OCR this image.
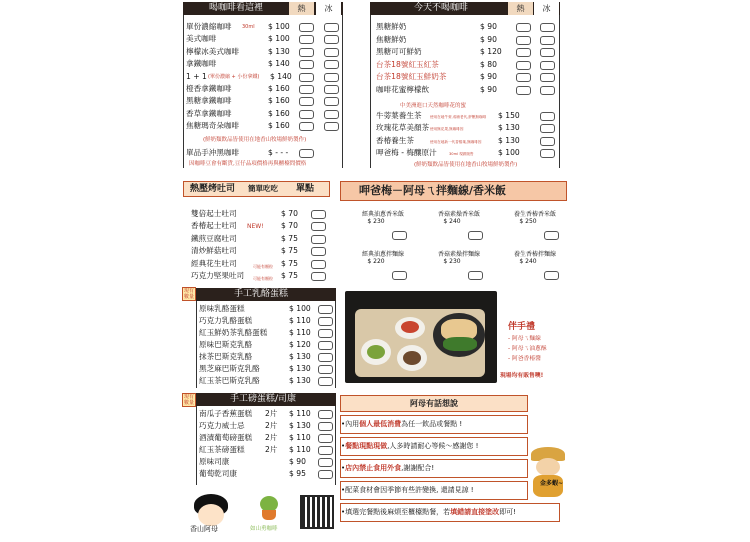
喝咖啡看這裡	熱	冰
單份濃縮咖啡 30ml $ 100
美式咖啡	$ 100
檸檬冰美式咖啡	$ 130
拿鐵咖啡	$ 140
1 + 1 (單份濃縮 + 小份拿鐵) $ 140
橙香拿鐵咖啡	$ 160
黑糖拿鐵咖啡	$ 160
香草拿鐵咖啡	$ 160
焦糖瑪奇朵咖啡	$ 160
(鮮奶類飲品皆使用在地香山牧場鮮奶製作)
單品手沖黑咖啡	$ - - -
因咖啡豆會有斷貨,豆仔品項價格再與櫃檯問價格
今天不喝咖啡	熱	冰
黑糖鮮奶	$ 90
焦糖鮮奶	$ 90
黑糖可可鮮奶	$ 120
台茶18號紅玉紅茶	$ 80
台茶18號紅玉鮮奶茶	$ 90
咖啡花蜜檸檬飲	$ 90
中美洲進口天然咖啡花的蜜
牛蒡葉養生茶 使用在地牛蒡,成埔老代,舒壓無咖啡 $ 150
玫瑰花草美顏茶 使用無花果,無咖啡因	$ 130
香椿養生茶	使用在地新一代香椿葉,無咖啡因 $ 130
呷爸梅 - 梅釀原汁	30ml 現做販售	$ 100
(鮮奶類飲品皆使用在地香山牧場鮮奶製作)
熱壓烤吐司 簡單吃吃 單點
雙倍起士吐司	$ 70
香椿起士吐司 NEW! $ 70
鐵煎豆腐吐司	$ 75
清炒鮮菇吐司	$ 75
經典花生吐司	可能有顆粒 $ 75
巧克力堅果吐司 可能有顆粒 $ 75
呷爸梅－阿母ㄟ拌麵線/香米飯
經典油蔥香米飯
$ 230
香菇素燥香米飯
$ 240
養生香椿香米飯
$ 250
經典油蔥拌麵線
$ 220
香菇素燥拌麵線
$ 230
養生香椿拌麵線
$ 240
伴手禮
- 阿母ㄟ麵線
- 阿母ㄟ油蔥酥
- 阿爸香椿醬
現場均有販售噢!
現有數量	手工乳酪蛋糕
原味乳酪蛋糕	$ 100
巧克力乳酪蛋糕	$ 110
紅玉鮮奶茶乳酪蛋糕	$ 110
原味巴斯克乳酪	$ 120
抹茶巴斯克乳酪	$ 130
黑芝麻巴斯克乳酪	$ 130
紅玉茶巴斯克乳酪	$ 130
現有數量	手工磅蛋糕/司康
南瓜子香蕉蛋糕 2片 $ 110
巧克力威士忌	2片 $ 130
酒漬葡萄磅蛋糕 2片 $ 110
紅玉茶磅蛋糕	2片 $ 110
原味司康	$ 90
葡萄乾司康	$ 95
阿母有話想說
•內用個人最低消費為任一飲品或餐點 !
•餐點現點現做,人多時請耐心等候～感謝您 !
•店內禁止食用外食,謝謝配合!
•配菜食材會因季節有些許變換, 還請見諒 !
•填選完餐點後麻煩至櫃檯點餐，若填錯請直接塗改即可!
金多蝦~
香山阿母	如山勇咖啡
